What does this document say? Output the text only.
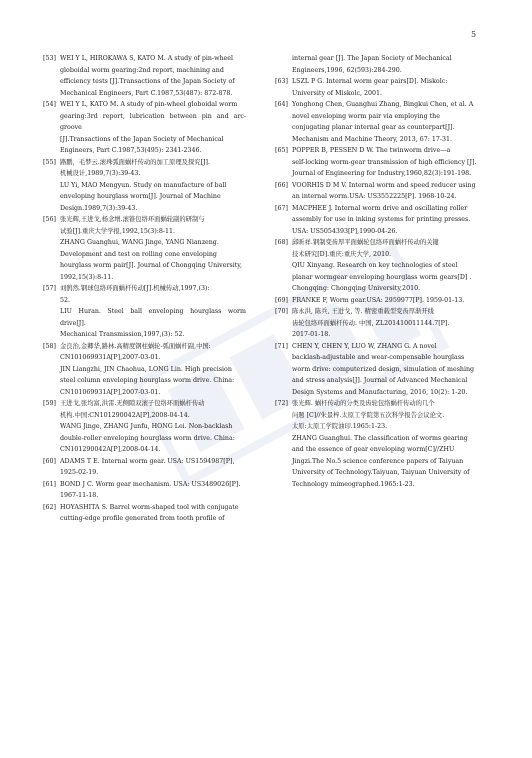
5
[53] WEI Y L, HIROKAWA S, KATO M. A study of pin-wheel
globoidal worm gearing:2nd report, machining and
efficiency tests [J].Transactions of the Japan Society of
Mechanical Engineers, Part C.1987,53(487): 872-878.
[54] WEI Y L, KATO M. A study of pin-wheel globoidal worm
gearing:3rd report, lubrication between pin and arc-groove
[J].Transactions of the Japan Society of Mechanical
Engineers, Part C.1987,53(495): 2341-2346.
[55] 路鹏，毛梦云.滚珠弧面蜗杆传动的加工原理及探究[J].
机械设计,1989,7(3):39-43.
LU Yi, MAO Mengyun. Study on manufacture of ball
enveloping hourglass worm[J]. Journal of Machine
Design.1989,7(3):39-43.
[56] 张光辉,王进戈,杨念增.滚锥包络环面蜗轮副的研制与
试验[J].重庆大学学报,1992,15(3):8-11.
ZHANG Guanghui, WANG Jinge, YANG Nianzeng.
Development and test on rolling cone enveloping
hourglass worm pair[J]. Journal of Chongqing University,
1992,15(3):8-11.
[57] 刘鹄然.钢球包络环面蜗杆传动[J].机械传动,1997,(3):
52.
LIU Huran. Steel ball enveloping hourglass worm drive[J].
Mechanical Transmission,1997,(3): 52.
[58] 金良治,金卿华,路林.高精度钢柱蜗轮-弧面蜗杆副,中国:
CN101069931A[P],2007-03-01.
JIN Liangzhi, JIN Chaohua, LONG Lin. High precision
steel column enveloping hourglass worm drive. China:
CN101069931A[P],2007-03-01.
[59] 王进戈,张均富,洪雷.无侧隙双滚子包络环面蜗杆传动
机构.中国:CN101290042A[P],2008-04-14.
WANG Jinge, ZHANG Junfu, HONG Lei. Non-backlash
double-roller enveloping hourglass worm drive. China:
CN101290042A[P],2008-04-14.
[60] ADAMS T E. Internal worm gear. USA: US1594987[P],
1925-02-19.
[61] BOND J C. Worm gear mechanism. USA: US3489026[P].
1967-11-18.
[62] HOYASHITA S. Barrel worm-shaped tool with conjugate
cutting-edge profile generated from tooth profile of
internal gear [J]. The Japan Society of Mechanical
Engineers,1996, 62(593):284-290.
[63] LSZL P G. Internal worm gear pairs[D]. Miskolc:
University of Miskolc, 2001.
[64] Yonghong Chen, Guanghui Zhang, Bingkui Chen, et al. A
novel enveloping worm pair via employing the
conjugating planar internal gear as counterpart[J].
Mechanism and Machine Theory, 2013, 67: 17-31.
[65] POPPER B, PESSEN D W. The twinworm drive—a
self-locking worm-gear transmission of high efficiency [J].
Journal of Engineering for Industry,1960,82(3):191-198.
[66] VOORHIS D M V. Internal worm and speed reducer using
an internal worm.USA: US3552225[P]. 1968-10-24.
[67] MACPHEE J. Internal worm drive and oscillating roller
assembly for use in inking systems for printing presses.
USA: US5054393[P],1990-04-26.
[68] 邱昕祥.钢制变齿厚平面蜗轮包络环面蜗杆传动的关键
技术研究[D].重庆:重庆大学, 2010.
QIU Xinyang. Research on key technologies of steel
planar wormgear enveloping hourglass worm gears[D] .
Chongqing: Chongqing University,2010.
[69] FRANKE F, Worm gear.USA: 2959977[P]. 1959-01-13.
[70] 陈永洪, 陈兵, 王进戈, 等. 精密重载型变齿厚渐开线
齿轮包络环面蜗杆传动. 中国, ZL201410011144.7[P].
2017-01-18.
[71] CHEN Y, CHEN Y, LUO W, ZHANG G. A novel
backlash-adjustable and wear-compensable hourglass
worm drive: computerized design, simulation of meshing
and stress analysis[J]. Journal of Advanced Mechanical
Design Systems and Manufacturing, 2016, 10(2): 1-20.
[72] 张光辉. 蜗杆传动的分类及齿轮包络蜗杆传动的几个
问题 [C]//朱景梓.太原工学院第五次科学报告会议论文.
太原:太原工学院油印.1965:1-23.
ZHANG Guanghui. The classification of worms gearing
and the essence of gear enveloping worm[C]//ZHU
Jingzi.The No.5 science conference papers of Taiyuan
University of Technology.Taiyuan, Taiyuan University of
Technology mimeographed.1965:1-23.
